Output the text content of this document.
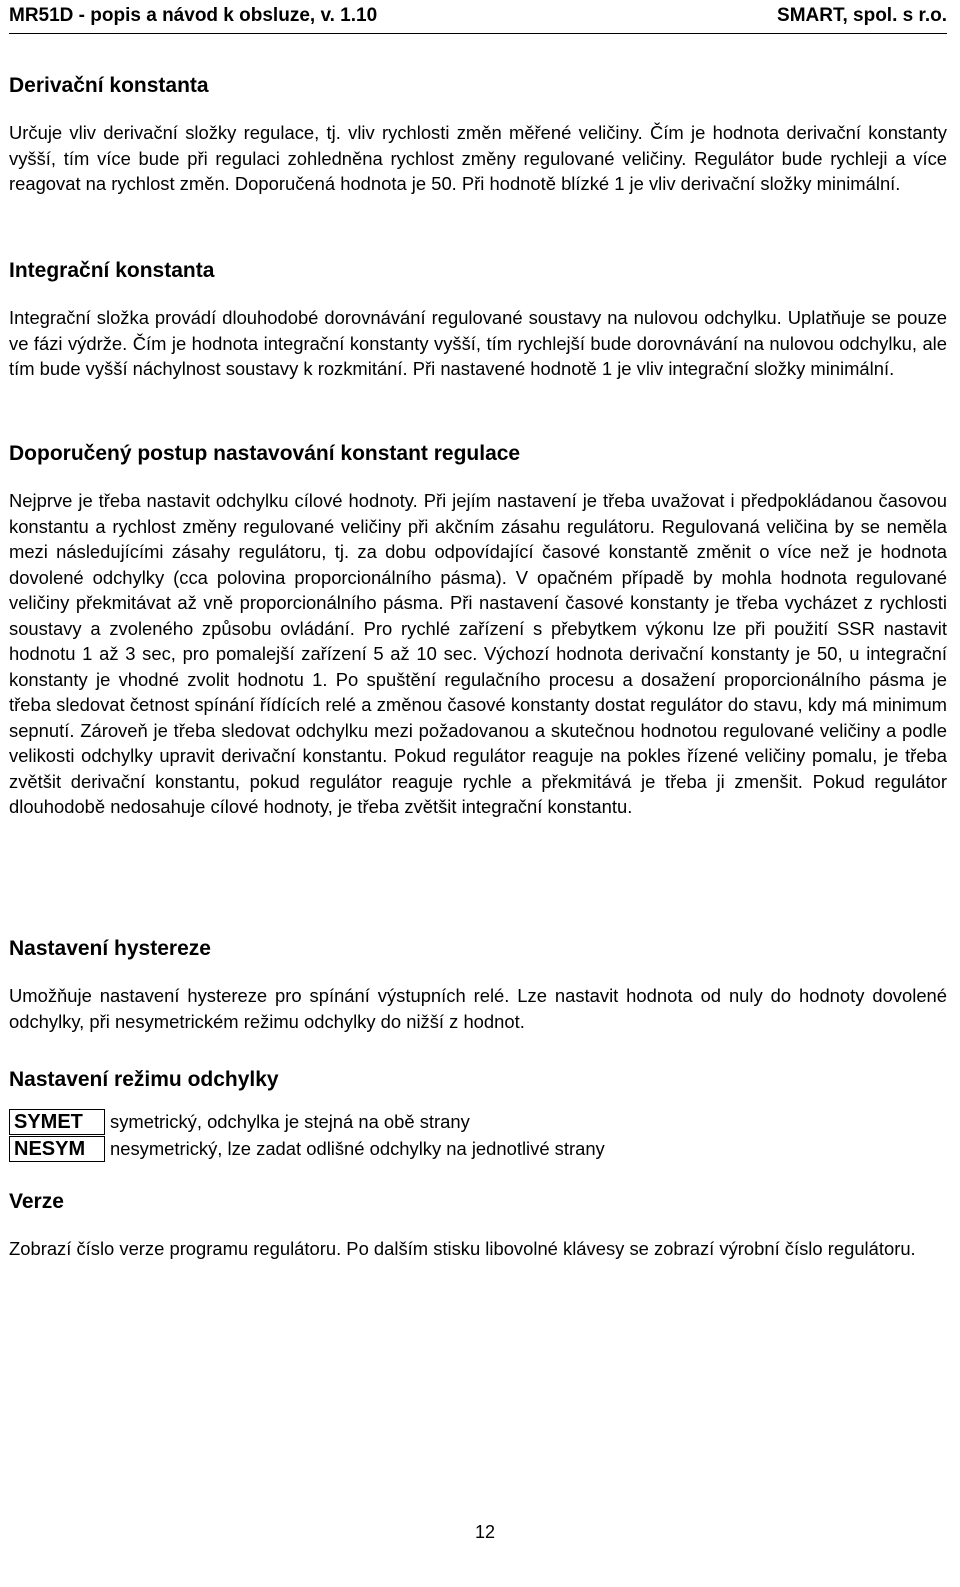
MR51D - popis a návod k obsluze, v. 1.10	SMART, spol. s r.o.
Derivační konstanta

Určuje vliv derivační složky regulace, tj. vliv rychlosti změn měřené veličiny. Čím je hodnota derivační konstanty vyšší, tím více bude při regulaci zohledněna rychlost změny regulované veličiny. Regulátor bude rychleji a více reagovat na rychlost změn. Doporučená hodnota je 50. Při hodnotě blízké 1 je vliv derivační složky minimální.

Integrační konstanta

Integrační složka provádí dlouhodobé dorovnávání regulované soustavy na nulovou odchylku. Uplatňuje se pouze ve fázi výdrže. Čím je hodnota integrační konstanty vyšší, tím rychlejší bude dorovnávání na nulovou odchylku, ale tím bude vyšší náchylnost soustavy k rozkmitání. Při nastavené hodnotě 1 je vliv integrační složky minimální.

Doporučený postup nastavování konstant regulace

Nejprve je třeba nastavit odchylku cílové hodnoty. Při jejím nastavení je třeba uvažovat i předpokládanou časovou konstantu a rychlost změny regulované veličiny při akčním zásahu regulátoru. Regulovaná veličina by se neměla mezi následujícími zásahy regulátoru, tj. za dobu odpovídající časové konstantě změnit o více než je hodnota dovolené odchylky (cca polovina proporcionálního pásma). V opačném případě by mohla hodnota regulované veličiny překmitávat až vně proporcionálního pásma. Při nastavení časové konstanty je třeba vycházet z rychlosti soustavy a zvoleného způsobu ovládání. Pro rychlé zařízení s přebytkem výkonu lze při použití SSR nastavit hodnotu 1 až 3 sec, pro pomalejší zařízení 5 až 10 sec. Výchozí hodnota derivační konstanty je 50, u integrační konstanty je vhodné zvolit hodnotu 1. Po spuštění regulačního procesu a dosažení proporcionálního pásma je třeba sledovat četnost spínání řídících relé a změnou časové konstanty dostat regulátor do stavu, kdy má minimum sepnutí. Zároveň je třeba sledovat odchylku mezi požadovanou a skutečnou hodnotou regulované veličiny a podle velikosti odchylky upravit derivační konstantu. Pokud regulátor reaguje na pokles řízené veličiny pomalu, je třeba zvětšit derivační konstantu, pokud regulátor reaguje rychle a překmitává je třeba ji zmenšit. Pokud regulátor dlouhodobě nedosahuje cílové hodnoty, je třeba zvětšit integrační konstantu.

Nastavení hystereze

Umožňuje nastavení hystereze pro spínání výstupních relé. Lze nastavit hodnota od nuly do hodnoty dovolené odchylky, při nesymetrickém režimu odchylky do nižší z hodnot.

Nastavení režimu odchylky
SYMET	symetrický, odchylka je stejná na obě strany
NESYM	nesymetrický, lze zadat odlišné odchylky na jednotlivé strany
Verze

Zobrazí číslo verze programu regulátoru. Po dalším stisku libovolné klávesy se zobrazí výrobní číslo regulátoru.

12
